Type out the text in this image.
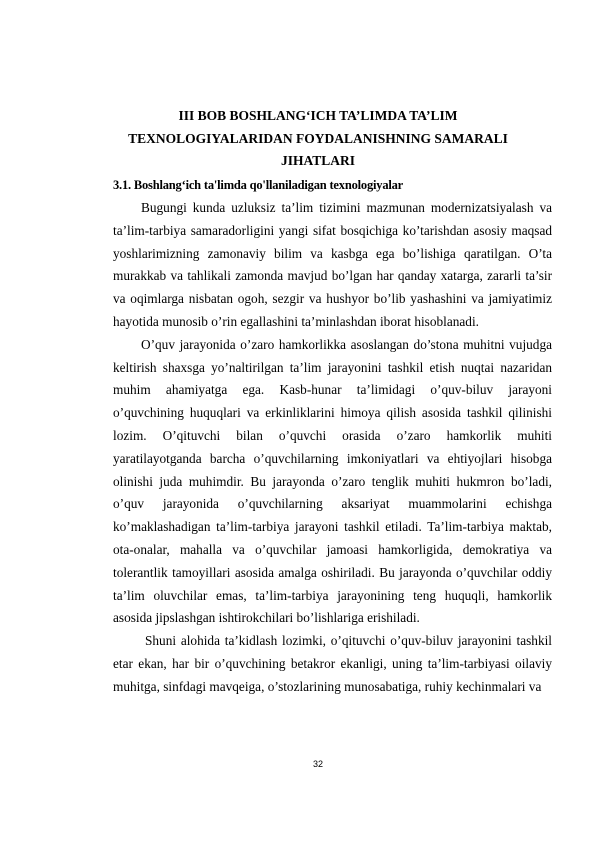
III BOB BOSHLANG‘ICH TA’LIMDA TA’LIM
TEXNOLOGIYALARIDAN FOYDALANISHNING SAMARALI
JIHATLARI
3.1. Boshlang‘ich ta'limda qo'llaniladigan texnologiyalar

Bugungi kunda uzluksiz ta’lim tizimini mazmunan modernizatsiyalash va ta’lim-tarbiya samaradorligini yangi sifat bosqichiga ko’tarishdan asosiy maqsad yoshlarimizning zamonaviy bilim va kasbga ega bo’lishiga qaratilgan. O’ta murakkab va tahlikali zamonda mavjud bo’lgan har qanday xatarga, zararli ta’sir va oqimlarga nisbatan ogoh, sezgir va hushyor bo’lib yashashini va jamiyatimiz hayotida munosib o’rin egallashini ta’minlashdan iborat hisoblanadi.

O’quv jarayonida o’zaro hamkorlikka asoslangan do’stona muhitni vujudga keltirish shaxsga yo’naltirilgan ta’lim jarayonini tashkil etish nuqtai nazaridan muhim ahamiyatga ega. Kasb-hunar ta’limidagi o’quv-biluv jarayoni o’quvchining huquqlari va erkinliklarini himoya qilish asosida tashkil qilinishi lozim. O’qituvchi bilan o’quvchi orasida o’zaro hamkorlik muhiti yaratilayotganda barcha o’quvchilarning imkoniyatlari va ehtiyojlari hisobga olinishi juda muhimdir. Bu jarayonda o’zaro tenglik muhiti hukmron bo’ladi, o’quv jarayonida o’quvchilarning aksariyat muammolarini echishga ko’maklashadigan ta’lim-tarbiya jarayoni tashkil etiladi. Ta’lim-tarbiya maktab, ota-onalar, mahalla va o’quvchilar jamoasi hamkorligida, demokratiya va tolerantlik tamoyillari asosida amalga oshiriladi. Bu jarayonda o’quvchilar oddiy ta’lim oluvchilar emas, ta’lim-tarbiya jarayonining teng huquqli, hamkorlik asosida jipslashgan ishtirokchilari bo’lishlariga erishiladi.

Shuni alohida ta’kidlash lozimki, o’qituvchi o’quv-biluv jarayonini tashkil etar ekan, har bir o’quvchining betakror ekanligi, uning ta’lim-tarbiyasi oilaviy muhitga, sinfdagi mavqeiga, o’stozlarining munosabatiga, ruhiy kechinmalari va

32
